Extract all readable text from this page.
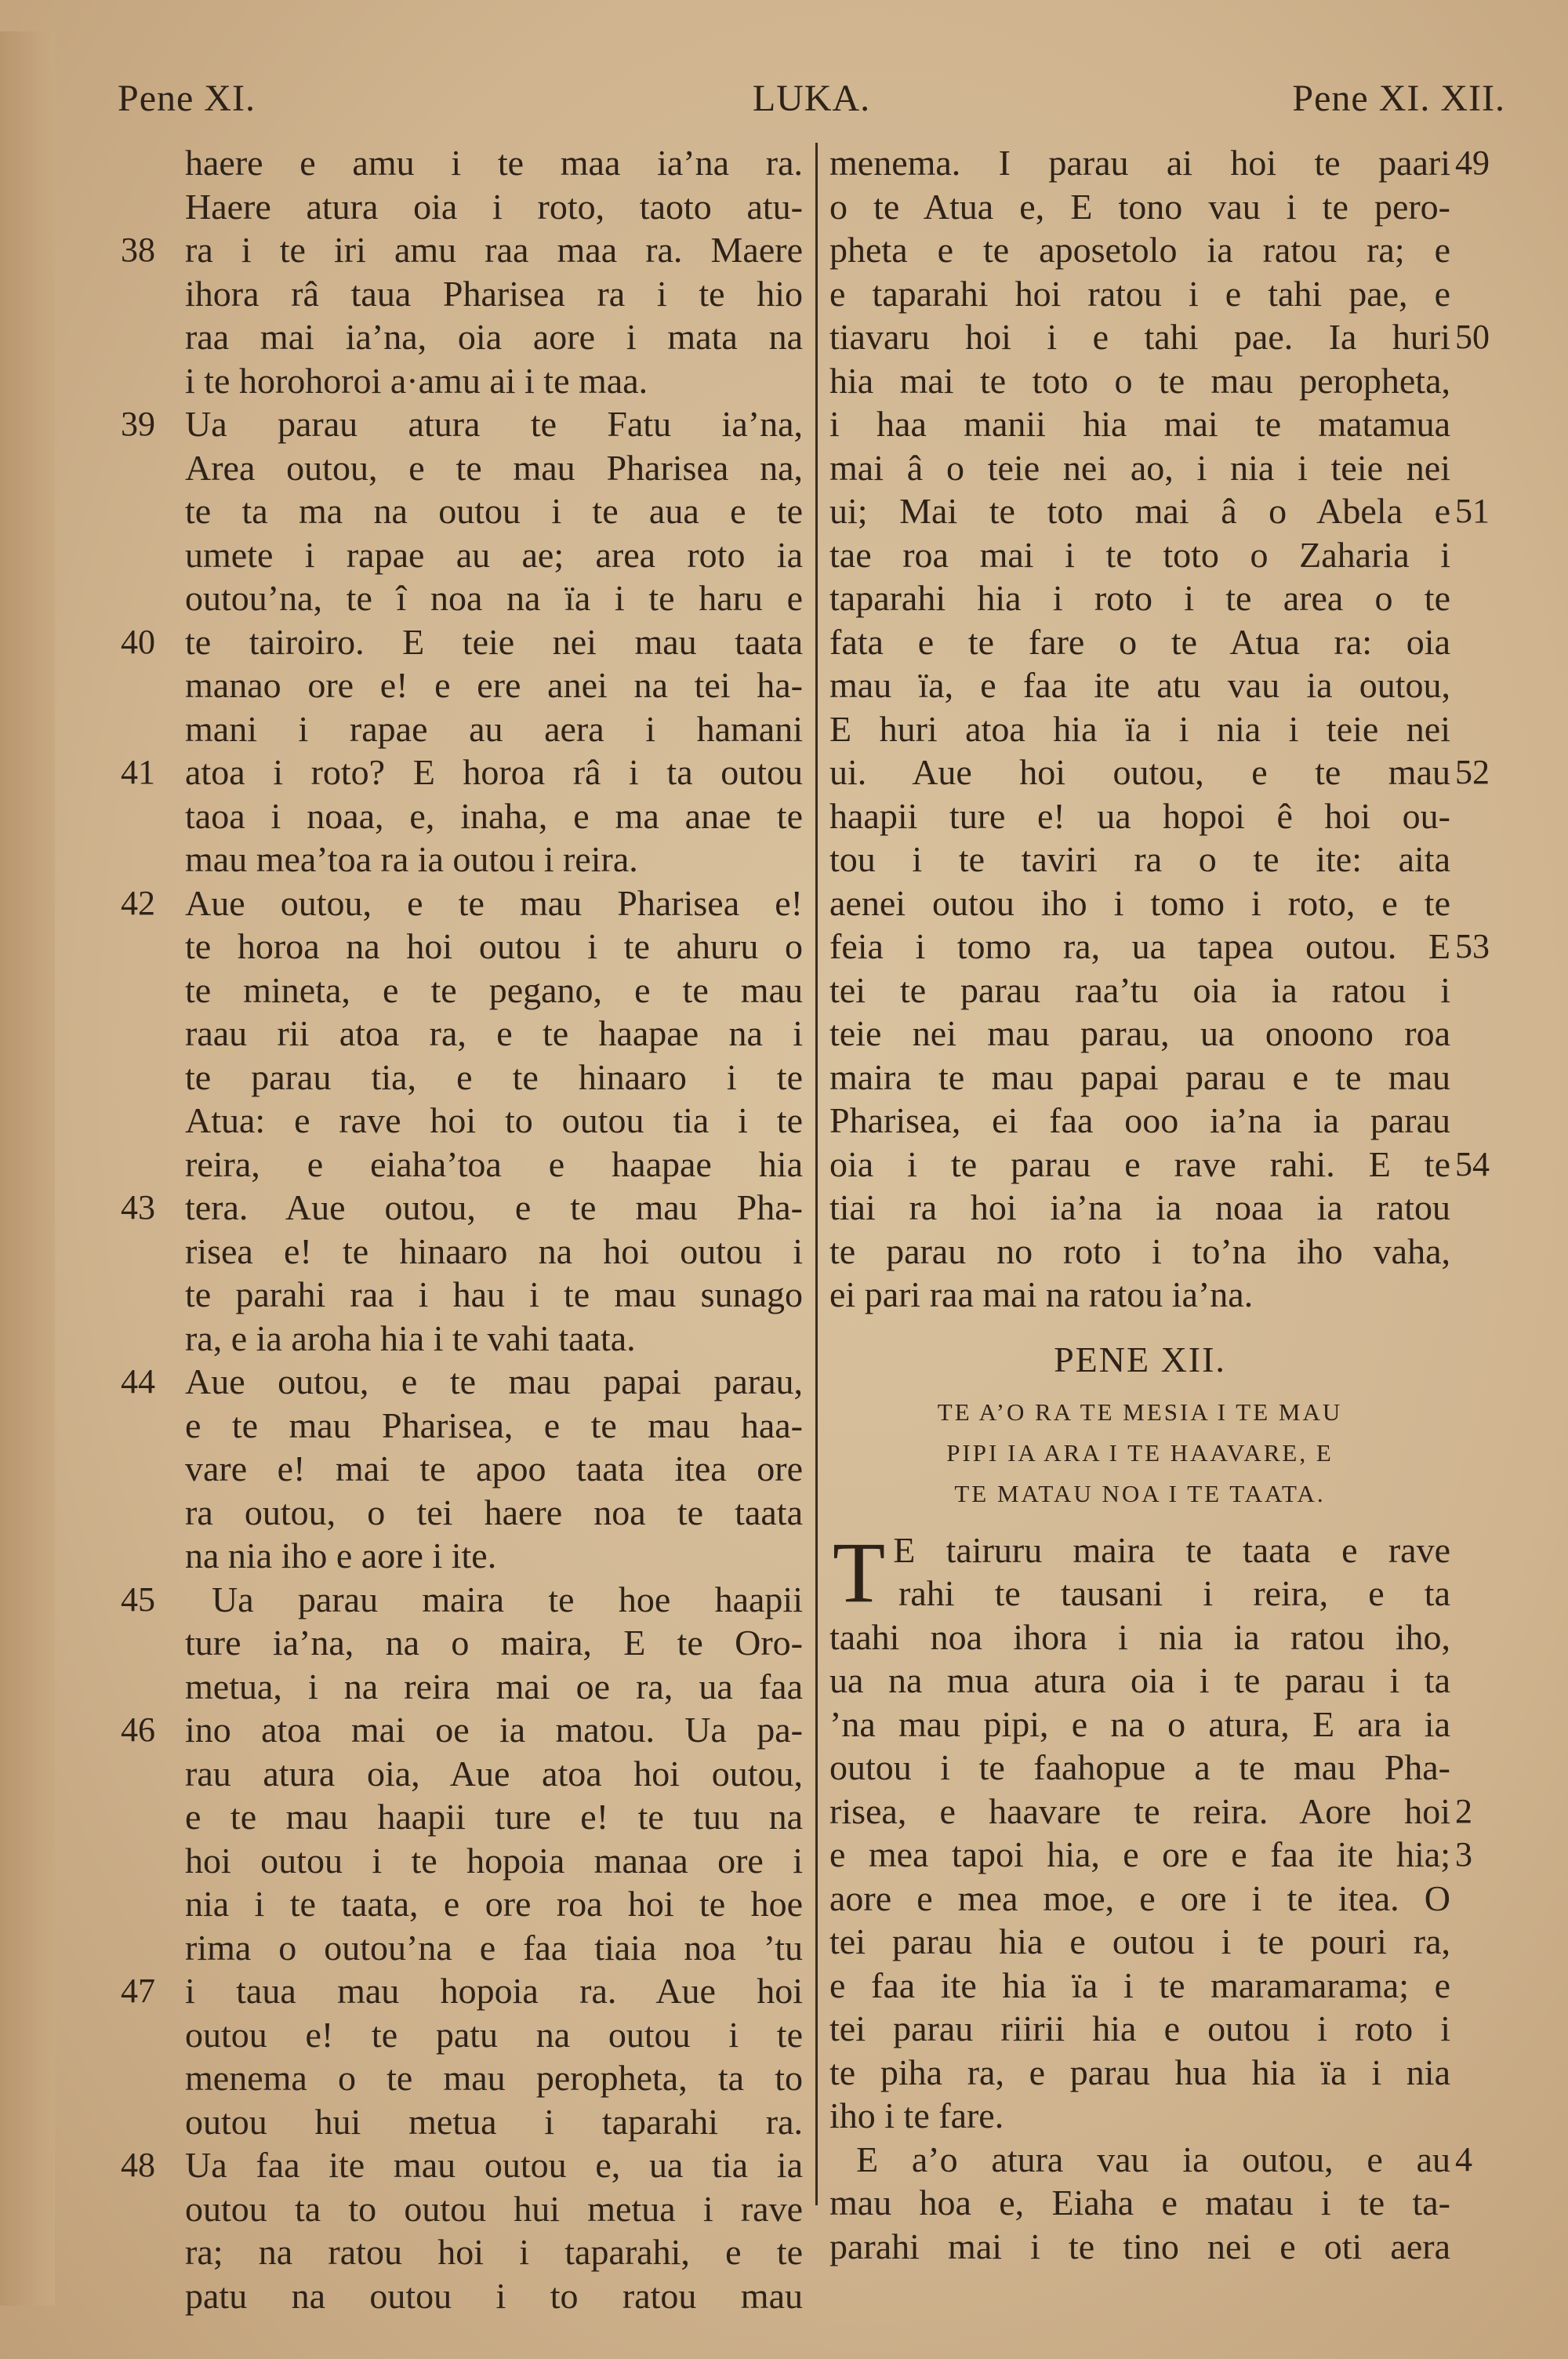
LUKA.
Pene XI.	Pene XI. XII.
haere e amu i te maa ia’na ra.
Haere atura oia i roto, taoto atu-
ra i te iri amu raa maa ra. Maere
38
ihora râ taua Pharisea ra i te hio
raa mai ia’na, oia aore i mata na
i te horohoroi a·amu ai i te maa.
Ua parau atura te Fatu ia’na,
39
Area outou, e te mau Pharisea na,
te ta ma na outou i te aua e te
umete i rapae au ae; area roto ia
outou’na, te î noa na ïa i te haru e
te tairoiro. E teie nei mau taata
40
manao ore e! e ere anei na tei ha-
mani i rapae au aera i hamani
atoa i roto? E horoa râ i ta outou
41
taoa i noaa, e, inaha, e ma anae te
mau mea’toa ra ia outou i reira.
Aue outou, e te mau Pharisea e!
42
te horoa na hoi outou i te ahuru o
te mineta, e te pegano, e te mau
raau rii atoa ra, e te haapae na i
te parau tia, e te hinaaro i te
Atua: e rave hoi to outou tia i te
reira, e eiaha’toa e haapae hia
tera. Aue outou, e te mau Pha-
43
risea e! te hinaaro na hoi outou i
te parahi raa i hau i te mau sunago
ra, e ia aroha hia i te vahi taata.
Aue outou, e te mau papai parau,
44
e te mau Pharisea, e te mau haa-
vare e! mai te apoo taata itea ore
ra outou, o tei haere noa te taata
na nia iho e aore i ite.
Ua parau maira te hoe haapii
45
ture ia’na, na o maira, E te Oro-
metua, i na reira mai oe ra, ua faa
ino atoa mai oe ia matou. Ua pa-
46
rau atura oia, Aue atoa hoi outou,
e te mau haapii ture e! te tuu na
hoi outou i te hopoia manaa ore i
nia i te taata, e ore roa hoi te hoe
rima o outou’na e faa tiaia noa ’tu
i taua mau hopoia ra. Aue hoi
47
outou e! te patu na outou i te
menema o te mau peropheta, ta to
outou hui metua i taparahi ra.
Ua faa ite mau outou e, ua tia ia
48
outou ta to outou hui metua i rave
ra; na ratou hoi i taparahi, e te
patu na outou i to ratou mau
menema. I parau ai hoi te paari 49
o te Atua e, E tono vau i te pero-
pheta e te aposetolo ia ratou ra; e
e taparahi hoi ratou i e tahi pae, e
tiavaru hoi i e tahi pae. Ia huri 50
hia mai te toto o te mau peropheta,
i haa manii hia mai te matamua
mai â o teie nei ao, i nia i teie nei
ui; Mai te toto mai â o Abela e 51
tae roa mai i te toto o Zaharia i
taparahi hia i roto i te area o te
fata e te fare o te Atua ra: oia
mau ïa, e faa ite atu vau ia outou,
E huri atoa hia ïa i nia i teie nei
ui. Aue hoi outou, e te mau 52
haapii ture e! ua hopoi ê hoi ou-
tou i te taviri ra o te ite: aita
aenei outou iho i tomo i roto, e te
feia i tomo ra, ua tapea outou. E 53
tei te parau raa’tu oia ia ratou i
teie nei mau parau, ua onoono roa
maira te mau papai parau e te mau
Pharisea, ei faa ooo ia’na ia parau
oia i te parau e rave rahi. E te 54
tiai ra hoi ia’na ia noaa ia ratou
te parau no roto i to’na iho vaha,
ei pari raa mai na ratou ia’na.
PENE XII.
TE A’O RA TE MESIA I TE MAU
PIPI IA ARA I TE HAAVARE, E
TE MATAU NOA I TE TAATA.
T E tairuru maira te taata e rave
rahi te tausani i reira, e ta
taahi noa ihora i nia ia ratou iho,
ua na mua atura oia i te parau i ta
’na mau pipi, e na o atura, E ara ia
outou i te faahopue a te mau Pha-
risea, e haavare te reira. Aore hoi 2
e mea tapoi hia, e ore e faa ite hia; 3
aore e mea moe, e ore i te itea. O
tei parau hia e outou i te pouri ra,
e faa ite hia ïa i te maramarama; e
tei parau riirii hia e outou i roto i
te piha ra, e parau hua hia ïa i nia
iho i te fare.
E a’o atura vau ia outou, e au 4
mau hoa e, Eiaha e matau i te ta-
parahi mai i te tino nei e oti aera
